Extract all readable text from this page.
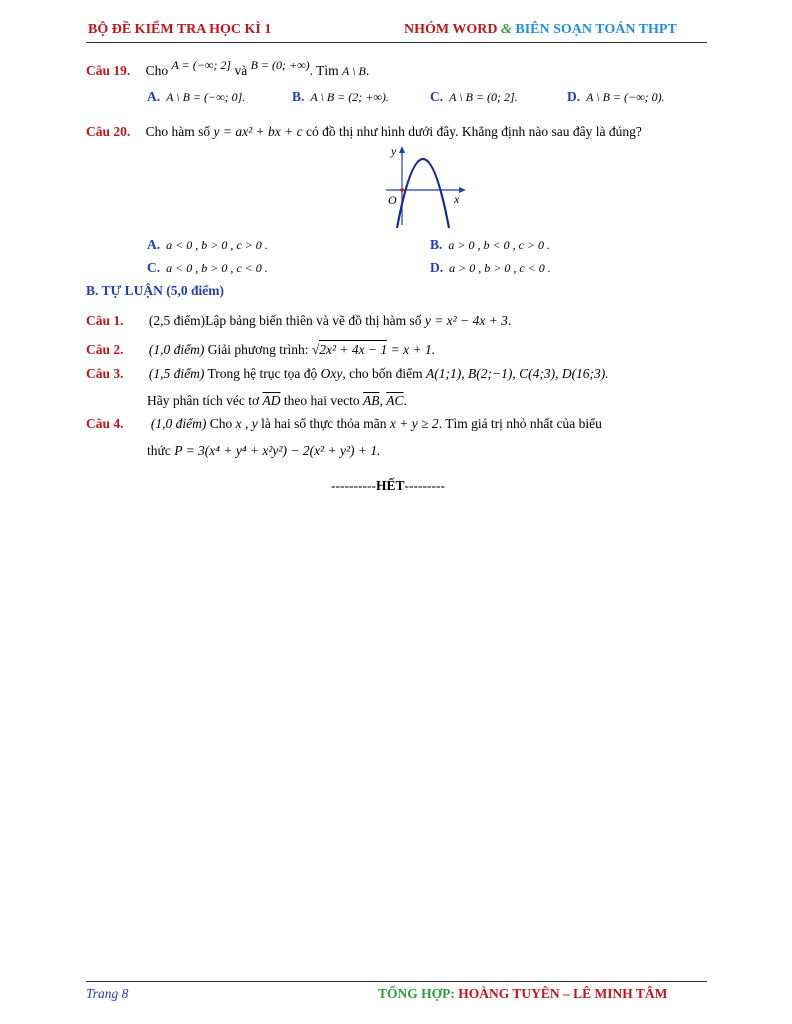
BỘ ĐỀ KIỂM TRA HỌC KÌ 1	NHÓM WORD & BIÊN SOẠN TOÁN THPT
Câu 19. Cho A = (−∞; 2] và B = (0; +∞). Tìm A \ B.
A. A \ B = (−∞; 0].	B. A \ B = (2; +∞).	C. A \ B = (0; 2].	D. A \ B = (−∞; 0).
Câu 20. Cho hàm số y = ax² + bx + c có đồ thị như hình dưới đây. Khẳng định nào sau đây là đúng?
y
x
O
A. a < 0 , b > 0 , c > 0 .	B. a > 0 , b < 0 , c > 0 .
C. a < 0 , b > 0 , c < 0 .	D. a > 0 , b > 0 , c < 0 .
B. TỰ LUẬN (5,0 điểm)
Câu 1. (2,5 điểm)Lập bảng biến thiên và vẽ đồ thị hàm số y = x² − 4x + 3.
Câu 2. (1,0 điểm) Giải phương trình: √2x² + 4x − 1 = x + 1.
Câu 3. (1,5 điểm) Trong hệ trục tọa độ Oxy, cho bốn điểm A(1;1), B(2;−1), C(4;3), D(16;3).
Hãy phân tích véc tơ $\overline{AD}$ theo hai vecto $\overline{AB}$, $\overline{AC}$.
Câu 4. (1,0 điểm) Cho x , y là hai số thực thỏa mãn x + y ≥ 2. Tìm giá trị nhỏ nhất của biểu
thức P = 3(x⁴ + y⁴ + x²y²) − 2(x² + y²) + 1.
----------HẾT---------
Trang 8	TỔNG HỢP: HOÀNG TUYÊN – LÊ MINH TÂM
